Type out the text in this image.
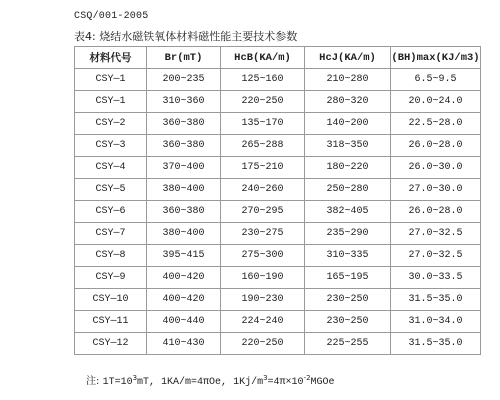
CSQ/001-2005
表4: 烧结水磁铁氧体材料磁性能主要技术参数
材料代号	Br(mT)	HcB(KA/m)	HcJ(KA/m)	(BH)max(KJ/m3)
CSY—1	200~235	125~160	210~280	6.5~9.5
CSY—1	310~360	220~250	280~320	20.0~24.0
CSY—2	360~380	135~170	140~200	22.5~28.0
CSY—3	360~380	265~288	318~350	26.0~28.0
CSY—4	370~400	175~210	180~220	26.0~30.0
CSY—5	380~400	240~260	250~280	27.0~30.0
CSY—6	360~380	270~295	382~405	26.0~28.0
CSY—7	380~400	230~275	235~290	27.0~32.5
CSY—8	395~415	275~300	310~335	27.0~32.5
CSY—9	400~420	160~190	165~195	30.0~33.5
CSY—10	400~420	190~230	230~250	31.5~35.0
CSY—11	400~440	224~240	230~250	31.0~34.0
CSY—12	410~430	220~250	225~255	31.5~35.0
注: $1T=10^3mT$, 1KA/m=4πOe, $1Kj/m^3=4\pi\times 10^{-2}MGOe$
